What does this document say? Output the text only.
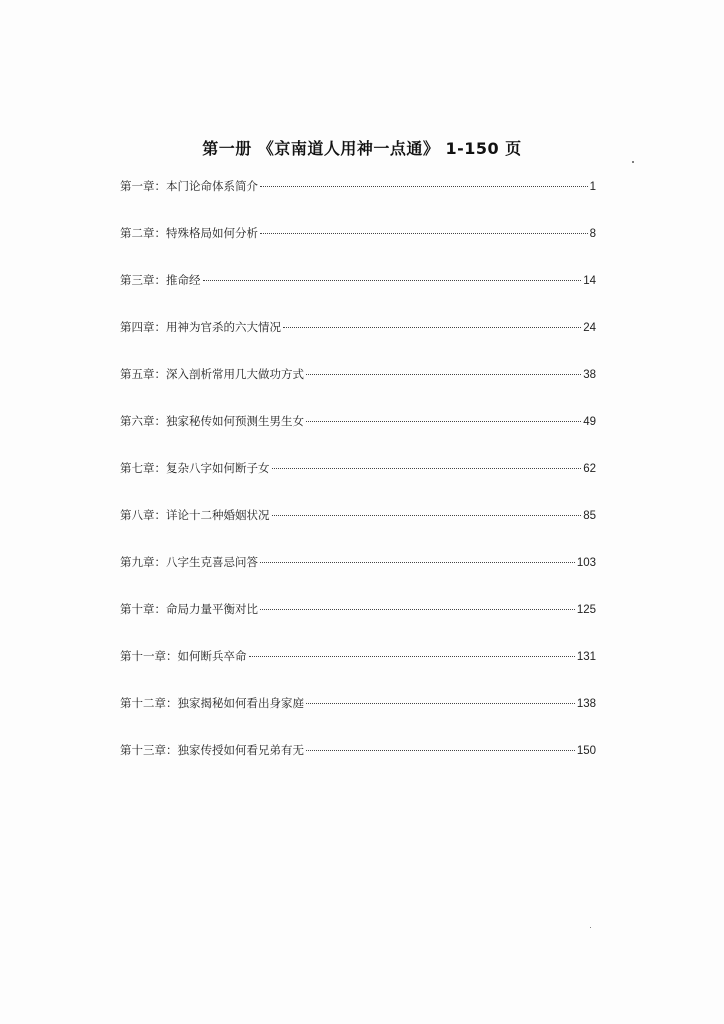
第一册 《京南道人用神一点通》 1-150 页
第一章：本门论命体系简介	1
第二章：特殊格局如何分析	8
第三章：推命经	14
第四章：用神为官杀的六大情况	24
第五章：深入剖析常用几大做功方式	38
第六章：独家秘传如何预测生男生女	49
第七章：复杂八字如何断子女	62
第八章：详论十二种婚姻状况	85
第九章：八字生克喜忌问答	103
第十章：命局力量平衡对比	125
第十一章：如何断兵卒命	131
第十二章：独家揭秘如何看出身家庭	138
第十三章：独家传授如何看兄弟有无	150
